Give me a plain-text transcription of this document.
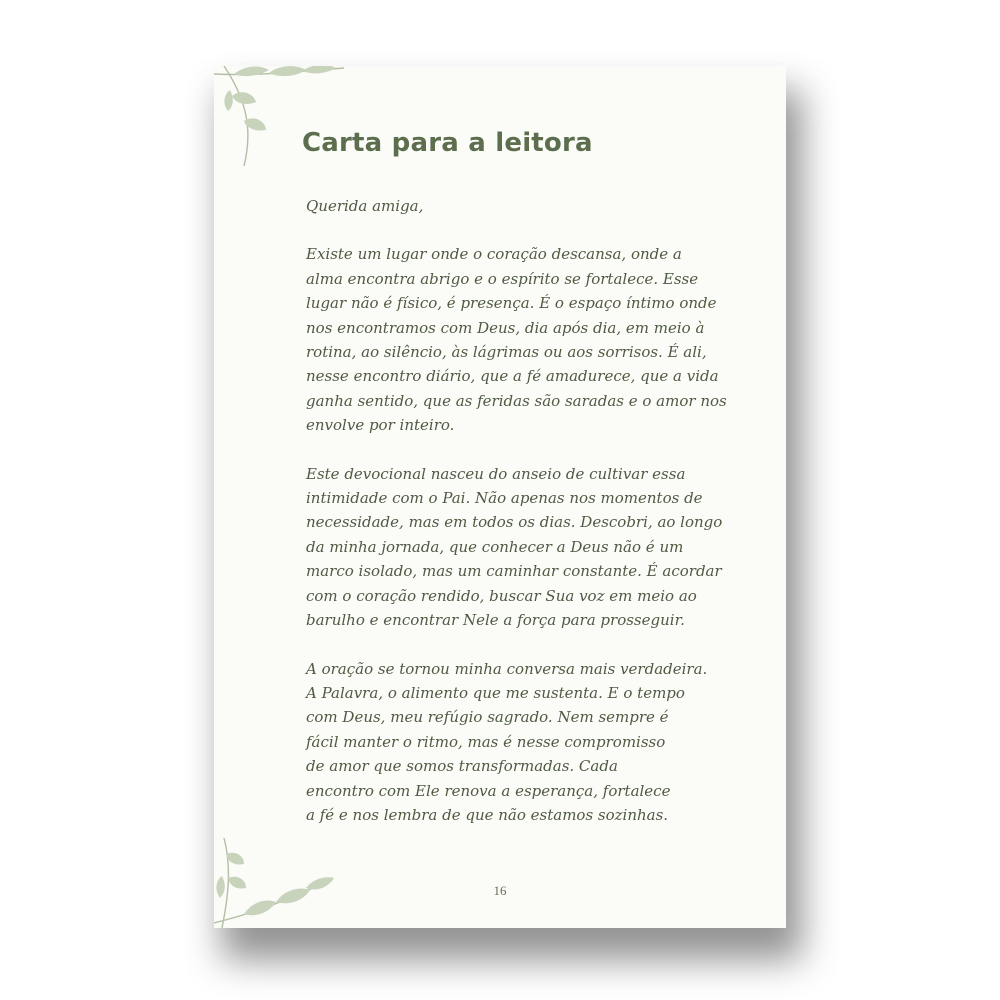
Carta para a leitora

Querida amiga,

Existe um lugar onde o coração descansa, onde a
alma encontra abrigo e o espírito se fortalece. Esse
lugar não é físico, é presença. É o espaço íntimo onde
nos encontramos com Deus, dia após dia, em meio à
rotina, ao silêncio, às lágrimas ou aos sorrisos. É ali,
nesse encontro diário, que a fé amadurece, que a vida
ganha sentido, que as feridas são saradas e o amor nos
envolve por inteiro.

Este devocional nasceu do anseio de cultivar essa
intimidade com o Pai. Não apenas nos momentos de
necessidade, mas em todos os dias. Descobri, ao longo
da minha jornada, que conhecer a Deus não é um
marco isolado, mas um caminhar constante. É acordar
com o coração rendido, buscar Sua voz em meio ao
barulho e encontrar Nele a força para prosseguir.

A oração se tornou minha conversa mais verdadeira.
A Palavra, o alimento que me sustenta. E o tempo
com Deus, meu refúgio sagrado. Nem sempre é
fácil manter o ritmo, mas é nesse compromisso
de amor que somos transformadas. Cada
encontro com Ele renova a esperança, fortalece
a fé e nos lembra de que não estamos sozinhas.

16
